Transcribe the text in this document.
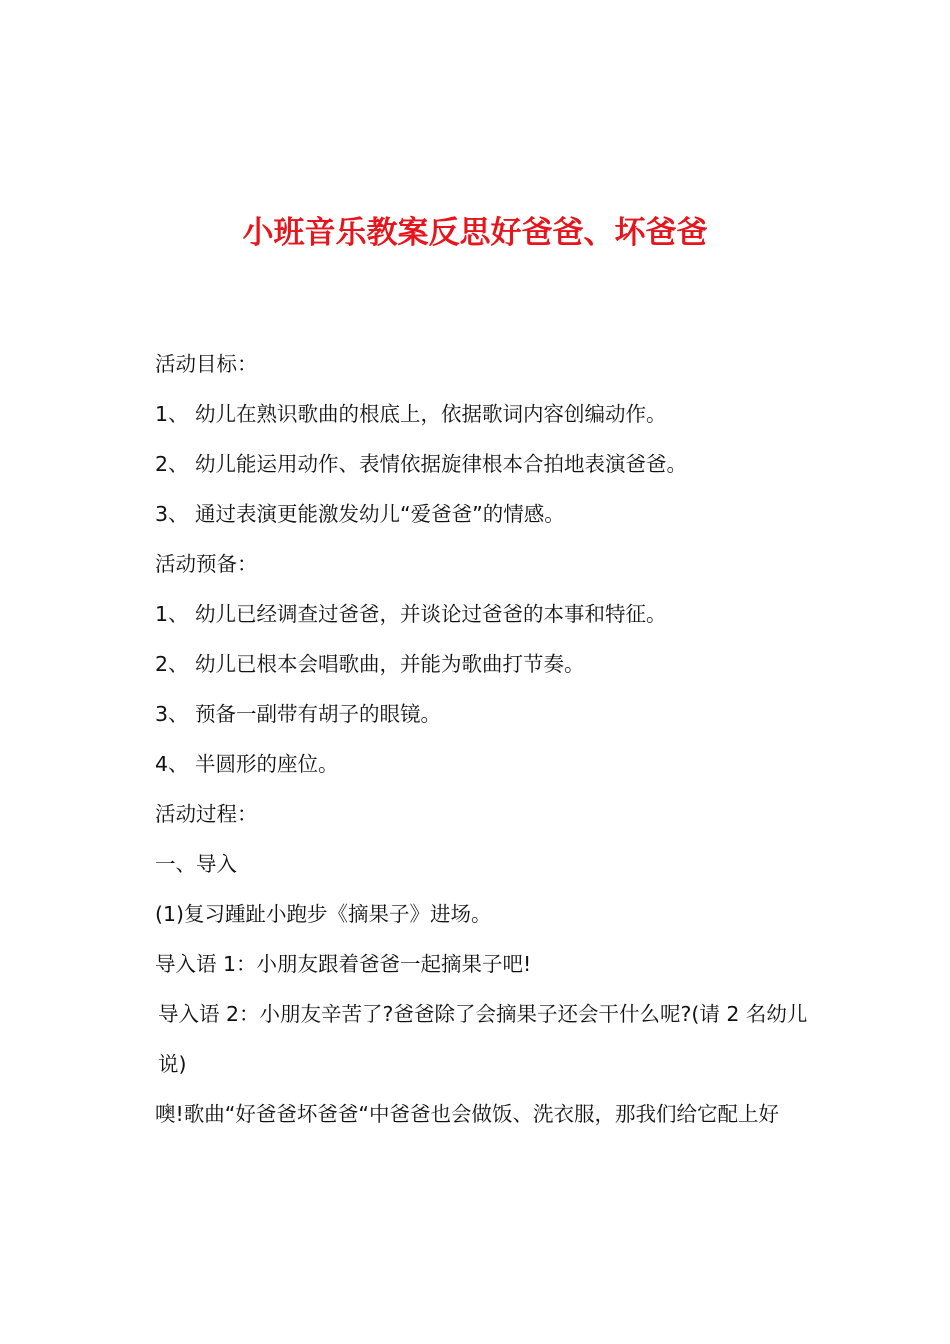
小班音乐教案反思好爸爸、坏爸爸

活动目标：

1、 幼儿在熟识歌曲的根底上，依据歌词内容创编动作。

2、 幼儿能运用动作、表情依据旋律根本合拍地表演爸爸。

3、 通过表演更能激发幼儿“爱爸爸”的情感。

活动预备：

1、 幼儿已经调查过爸爸，并谈论过爸爸的本事和特征。

2、 幼儿已根本会唱歌曲，并能为歌曲打节奏。

3、 预备一副带有胡子的眼镜。

4、 半圆形的座位。

活动过程：

一、导入

(1)复习踵趾小跑步《摘果子》进场。

导入语 1：小朋友跟着爸爸一起摘果子吧!

导入语 2：小朋友辛苦了?爸爸除了会摘果子还会干什么呢?(请 2 名幼儿说)

噢!歌曲“好爸爸坏爸爸“中爸爸也会做饭、洗衣服，那我们给它配上好
